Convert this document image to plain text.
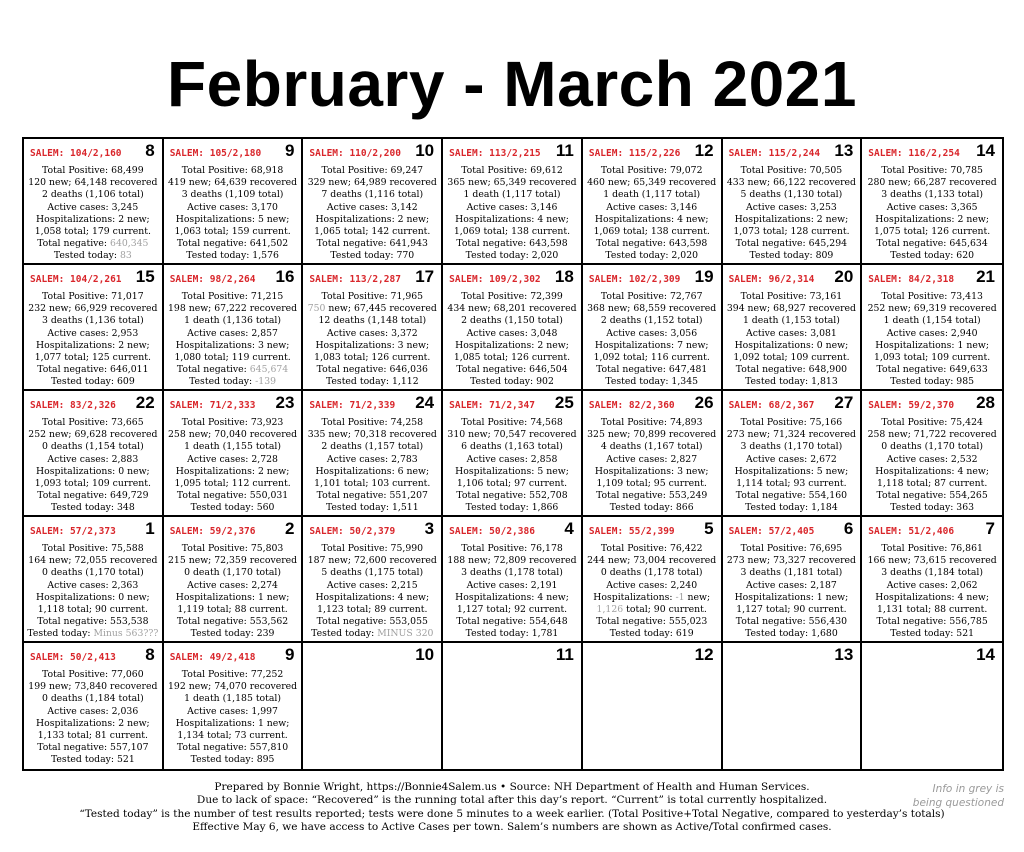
February - March 2021
SALEM: 104/2,160 8
Total Positive: 68,499
120 new; 64,148 recovered
2 deaths (1,106 total)
Active cases: 3,245
Hospitalizations: 2 new;
1,058 total; 179 current.
Total negative: 640,345
Tested today: 83
SALEM: 105/2,180 9
Total Positive: 68,918
419 new; 64,639 recovered
3 deaths (1,109 total)
Active cases: 3,170
Hospitalizations: 5 new;
1,063 total; 159 current.
Total negative: 641,502
Tested today: 1,576
SALEM: 110/2,200 10
Total Positive: 69,247
329 new; 64,989 recovered
7 deaths (1,116 total)
Active cases: 3,142
Hospitalizations: 2 new;
1,065 total; 142 current.
Total negative: 641,943
Tested today: 770
SALEM: 113/2,215 11
Total Positive: 69,612
365 new; 65,349 recovered
1 death (1,117 total)
Active cases: 3,146
Hospitalizations: 4 new;
1,069 total; 138 current.
Total negative: 643,598
Tested today: 2,020
SALEM: 115/2,226 12
Total Positive: 79,072
460 new; 65,349 recovered
1 death (1,117 total)
Active cases: 3,146
Hospitalizations: 4 new;
1,069 total; 138 current.
Total negative: 643,598
Tested today: 2,020
SALEM: 115/2,244 13
Total Positive: 70,505
433 new; 66,122 recovered
5 deaths (1,130 total)
Active cases: 3,253
Hospitalizations: 2 new;
1,073 total; 128 current.
Total negative: 645,294
Tested today: 809
SALEM: 116/2,254 14
Total Positive: 70,785
280 new; 66,287 recovered
3 deaths (1,133 total)
Active cases: 3,365
Hospitalizations: 2 new;
1,075 total; 126 current.
Total negative: 645,634
Tested today: 620
SALEM: 104/2,261 15
Total Positive: 71,017
232 new; 66,929 recovered
3 deaths (1,136 total)
Active cases: 2,953
Hospitalizations: 2 new;
1,077 total; 125 current.
Total negative: 646,011
Tested today: 609
SALEM: 98/2,264 16
Total Positive: 71,215
198 new; 67,222 recovered
1 death (1,136 total)
Active cases: 2,857
Hospitalizations: 3 new;
1,080 total; 119 current.
Total negative: 645,674
Tested today: -139
SALEM: 113/2,287 17
Total Positive: 71,965
750 new; 67,445 recovered
12 deaths (1,148 total)
Active cases: 3,372
Hospitalizations: 3 new;
1,083 total; 126 current.
Total negative: 646,036
Tested today: 1,112
SALEM: 109/2,302 18
Total Positive: 72,399
434 new; 68,201 recovered
2 deaths (1,150 total)
Active cases: 3,048
Hospitalizations: 2 new;
1,085 total; 126 current.
Total negative: 646,504
Tested today: 902
SALEM: 102/2,309 19
Total Positive: 72,767
368 new; 68,559 recovered
2 deaths (1,152 total)
Active cases: 3,056
Hospitalizations: 7 new;
1,092 total; 116 current.
Total negative: 647,481
Tested today: 1,345
SALEM: 96/2,314 20
Total Positive: 73,161
394 new; 68,927 recovered
1 death (1,153 total)
Active cases: 3,081
Hospitalizations: 0 new;
1,092 total; 109 current.
Total negative: 648,900
Tested today: 1,813
SALEM: 84/2,318 21
Total Positive: 73,413
252 new; 69,319 recovered
1 death (1,154 total)
Active cases: 2,940
Hospitalizations: 1 new;
1,093 total; 109 current.
Total negative: 649,633
Tested today: 985
SALEM: 83/2,326 22
Total Positive: 73,665
252 new; 69,628 recovered
0 deaths (1,154 total)
Active cases: 2,883
Hospitalizations: 0 new;
1,093 total; 109 current.
Total negative: 649,729
Tested today: 348
SALEM: 71/2,333 23
Total Positive: 73,923
258 new; 70,040 recovered
1 death (1,155 total)
Active cases: 2,728
Hospitalizations: 2 new;
1,095 total; 112 current.
Total negative: 550,031
Tested today: 560
SALEM: 71/2,339 24
Total Positive: 74,258
335 new; 70,318 recovered
2 deaths (1,157 total)
Active cases: 2,783
Hospitalizations: 6 new;
1,101 total; 103 current.
Total negative: 551,207
Tested today: 1,511
SALEM: 71/2,347 25
Total Positive: 74,568
310 new; 70,547 recovered
6 deaths (1,163 total)
Active cases: 2,858
Hospitalizations: 5 new;
1,106 total; 97 current.
Total negative: 552,708
Tested today: 1,866
SALEM: 82/2,360 26
Total Positive: 74,893
325 new; 70,899 recovered
4 deaths (1,167 total)
Active cases: 2,827
Hospitalizations: 3 new;
1,109 total; 95 current.
Total negative: 553,249
Tested today: 866
SALEM: 68/2,367 27
Total Positive: 75,166
273 new; 71,324 recovered
3 deaths (1,170 total)
Active cases: 2,672
Hospitalizations: 5 new;
1,114 total; 93 current.
Total negative: 554,160
Tested today: 1,184
SALEM: 59/2,370 28
Total Positive: 75,424
258 new; 71,722 recovered
0 deaths (1,170 total)
Active cases: 2,532
Hospitalizations: 4 new;
1,118 total; 87 current.
Total negative: 554,265
Tested today: 363
SALEM: 57/2,373 1
Total Positive: 75,588
164 new; 72,055 recovered
0 deaths (1,170 total)
Active cases: 2,363
Hospitalizations: 0 new;
1,118 total; 90 current.
Total negative: 553,538
Tested today: Minus 563???
SALEM: 59/2,376 2
Total Positive: 75,803
215 new; 72,359 recovered
0 death (1,170 total)
Active cases: 2,274
Hospitalizations: 1 new;
1,119 total; 88 current.
Total negative: 553,562
Tested today: 239
SALEM: 50/2,379 3
Total Positive: 75,990
187 new; 72,600 recovered
5 deaths (1,175 total)
Active cases: 2,215
Hospitalizations: 4 new;
1,123 total; 89 current.
Total negative: 553,055
Tested today: MINUS 320
SALEM: 50/2,386 4
Total Positive: 76,178
188 new; 72,809 recovered
3 deaths (1,178 total)
Active cases: 2,191
Hospitalizations: 4 new;
1,127 total; 92 current.
Total negative: 554,648
Tested today: 1,781
SALEM: 55/2,399 5
Total Positive: 76,422
244 new; 73,004 recovered
0 deaths (1,178 total)
Active cases: 2,240
Hospitalizations: -1 new;
1,126 total; 90 current.
Total negative: 555,023
Tested today: 619
SALEM: 57/2,405 6
Total Positive: 76,695
273 new; 73,327 recovered
3 deaths (1,181 total)
Active cases: 2,187
Hospitalizations: 1 new;
1,127 total; 90 current.
Total negative: 556,430
Tested today: 1,680
SALEM: 51/2,406 7
Total Positive: 76,861
166 new; 73,615 recovered
3 deaths (1,184 total)
Active cases: 2,062
Hospitalizations: 4 new;
1,131 total; 88 current.
Total negative: 556,785
Tested today: 521
SALEM: 50/2,413 8
Total Positive: 77,060
199 new; 73,840 recovered
0 deaths (1,184 total)
Active cases: 2,036
Hospitalizations: 2 new;
1,133 total; 81 current.
Total negative: 557,107
Tested today: 521
SALEM: 49/2,418 9
Total Positive: 77,252
192 new; 74,070 recovered
1 death (1,185 total)
Active cases: 1,997
Hospitalizations: 1 new;
1,134 total; 73 current.
Total negative: 557,810
Tested today: 895
10	11	12	13	14
Prepared by Bonnie Wright, https://Bonnie4Salem.us • Source: NH Department of Health and Human Services.
Due to lack of space: “Recovered” is the running total after this day’s report. “Current” is total currently hospitalized.
“Tested today” is the number of test results reported; tests were done 5 minutes to a week earlier. (Total Positive+Total Negative, compared to yesterday’s totals)
Effective May 6, we have access to Active Cases per town. Salem’s numbers are shown as Active/Total confirmed cases.
Info in grey is
being questioned
